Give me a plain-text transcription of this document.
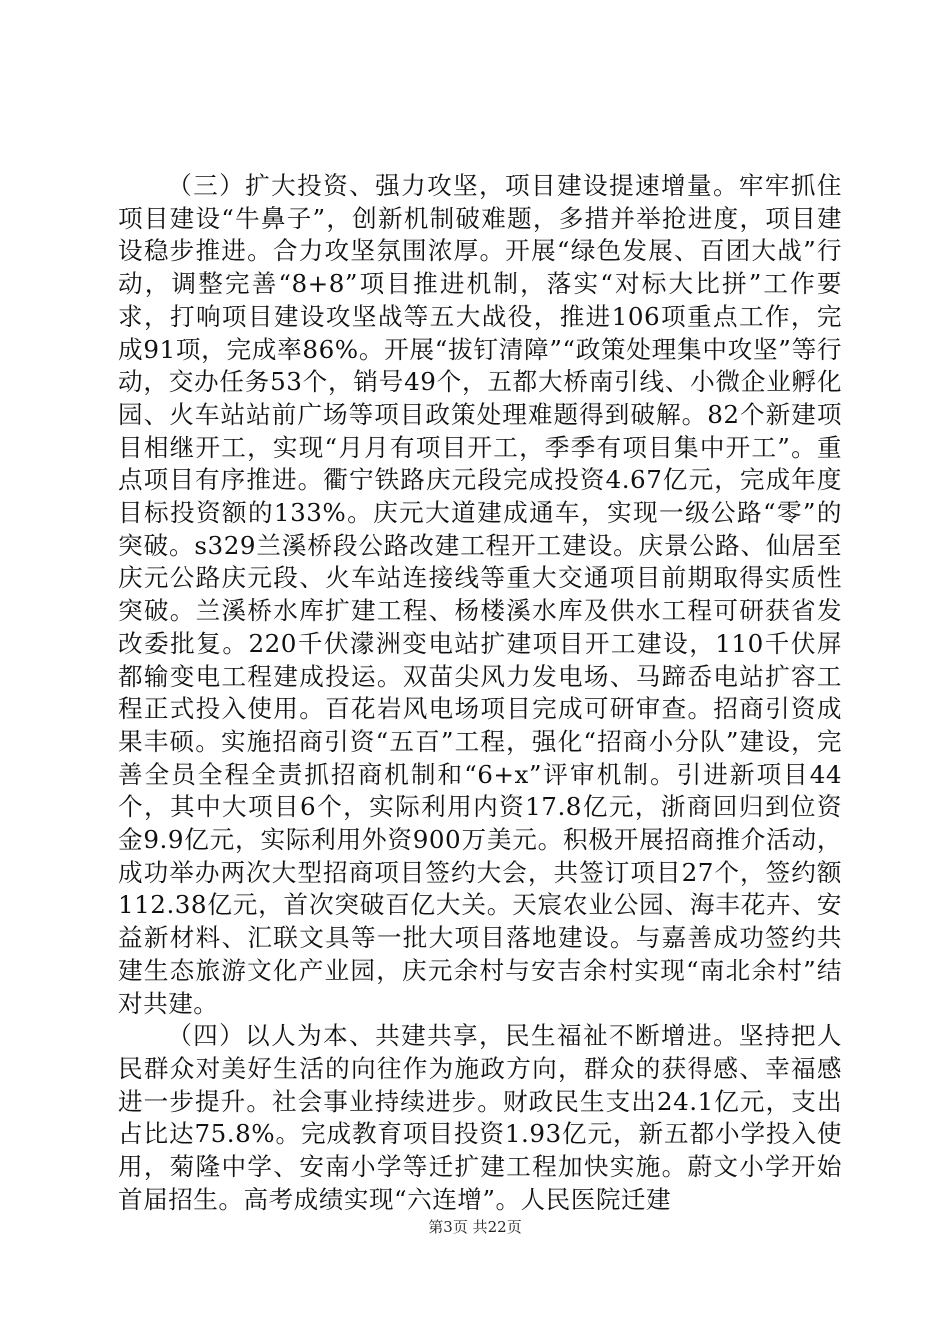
（三）扩大投资、强力攻坚，项目建设提速增量。牢牢抓住项目建设“牛鼻子”，创新机制破难题，多措并举抢进度，项目建设稳步推进。合力攻坚氛围浓厚。开展“绿色发展、百团大战”行动，调整完善“8+8”项目推进机制，落实“对标大比拼”工作要求，打响项目建设攻坚战等五大战役，推进106项重点工作，完成91项，完成率86%。开展“拔钉清障”“政策处理集中攻坚”等行动，交办任务53个，销号49个，五都大桥南引线、小微企业孵化园、火车站站前广场等项目政策处理难题得到破解。82个新建项目相继开工，实现“月月有项目开工，季季有项目集中开工”。重点项目有序推进。衢宁铁路庆元段完成投资4.67亿元，完成年度目标投资额的133%。庆元大道建成通车，实现一级公路“零”的突破。s329兰溪桥段公路改建工程开工建设。庆景公路、仙居至庆元公路庆元段、火车站连接线等重大交通项目前期取得实质性突破。兰溪桥水库扩建工程、杨楼溪水库及供水工程可研获省发改委批复。220千伏濛洲变电站扩建项目开工建设，110千伏屏都输变电工程建成投运。双苗尖风力发电场、马蹄岙电站扩容工程正式投入使用。百花岩风电场项目完成可研审查。招商引资成果丰硕。实施招商引资“五百”工程，强化“招商小分队”建设，完善全员全程全责抓招商机制和“6+x”评审机制。引进新项目44个，其中大项目6个，实际利用内资17.8亿元，浙商回归到位资金9.9亿元，实际利用外资900万美元。积极开展招商推介活动，成功举办两次大型招商项目签约大会，共签订项目27个，签约额112.38亿元，首次突破百亿大关。天宸农业公园、海丰花卉、安益新材料、汇联文具等一批大项目落地建设。与嘉善成功签约共建生态旅游文化产业园，庆元余村与安吉余村实现“南北余村”结对共建。

（四）以人为本、共建共享，民生福祉不断增进。坚持把人民群众对美好生活的向往作为施政方向，群众的获得感、幸福感进一步提升。社会事业持续进步。财政民生支出24.1亿元，支出占比达75.8%。完成教育项目投资1.93亿元，新五都小学投入使用，菊隆中学、安南小学等迁扩建工程加快实施。蔚文小学开始首届招生。高考成绩实现“六连增”。人民医院迁建

第3页 共22页
